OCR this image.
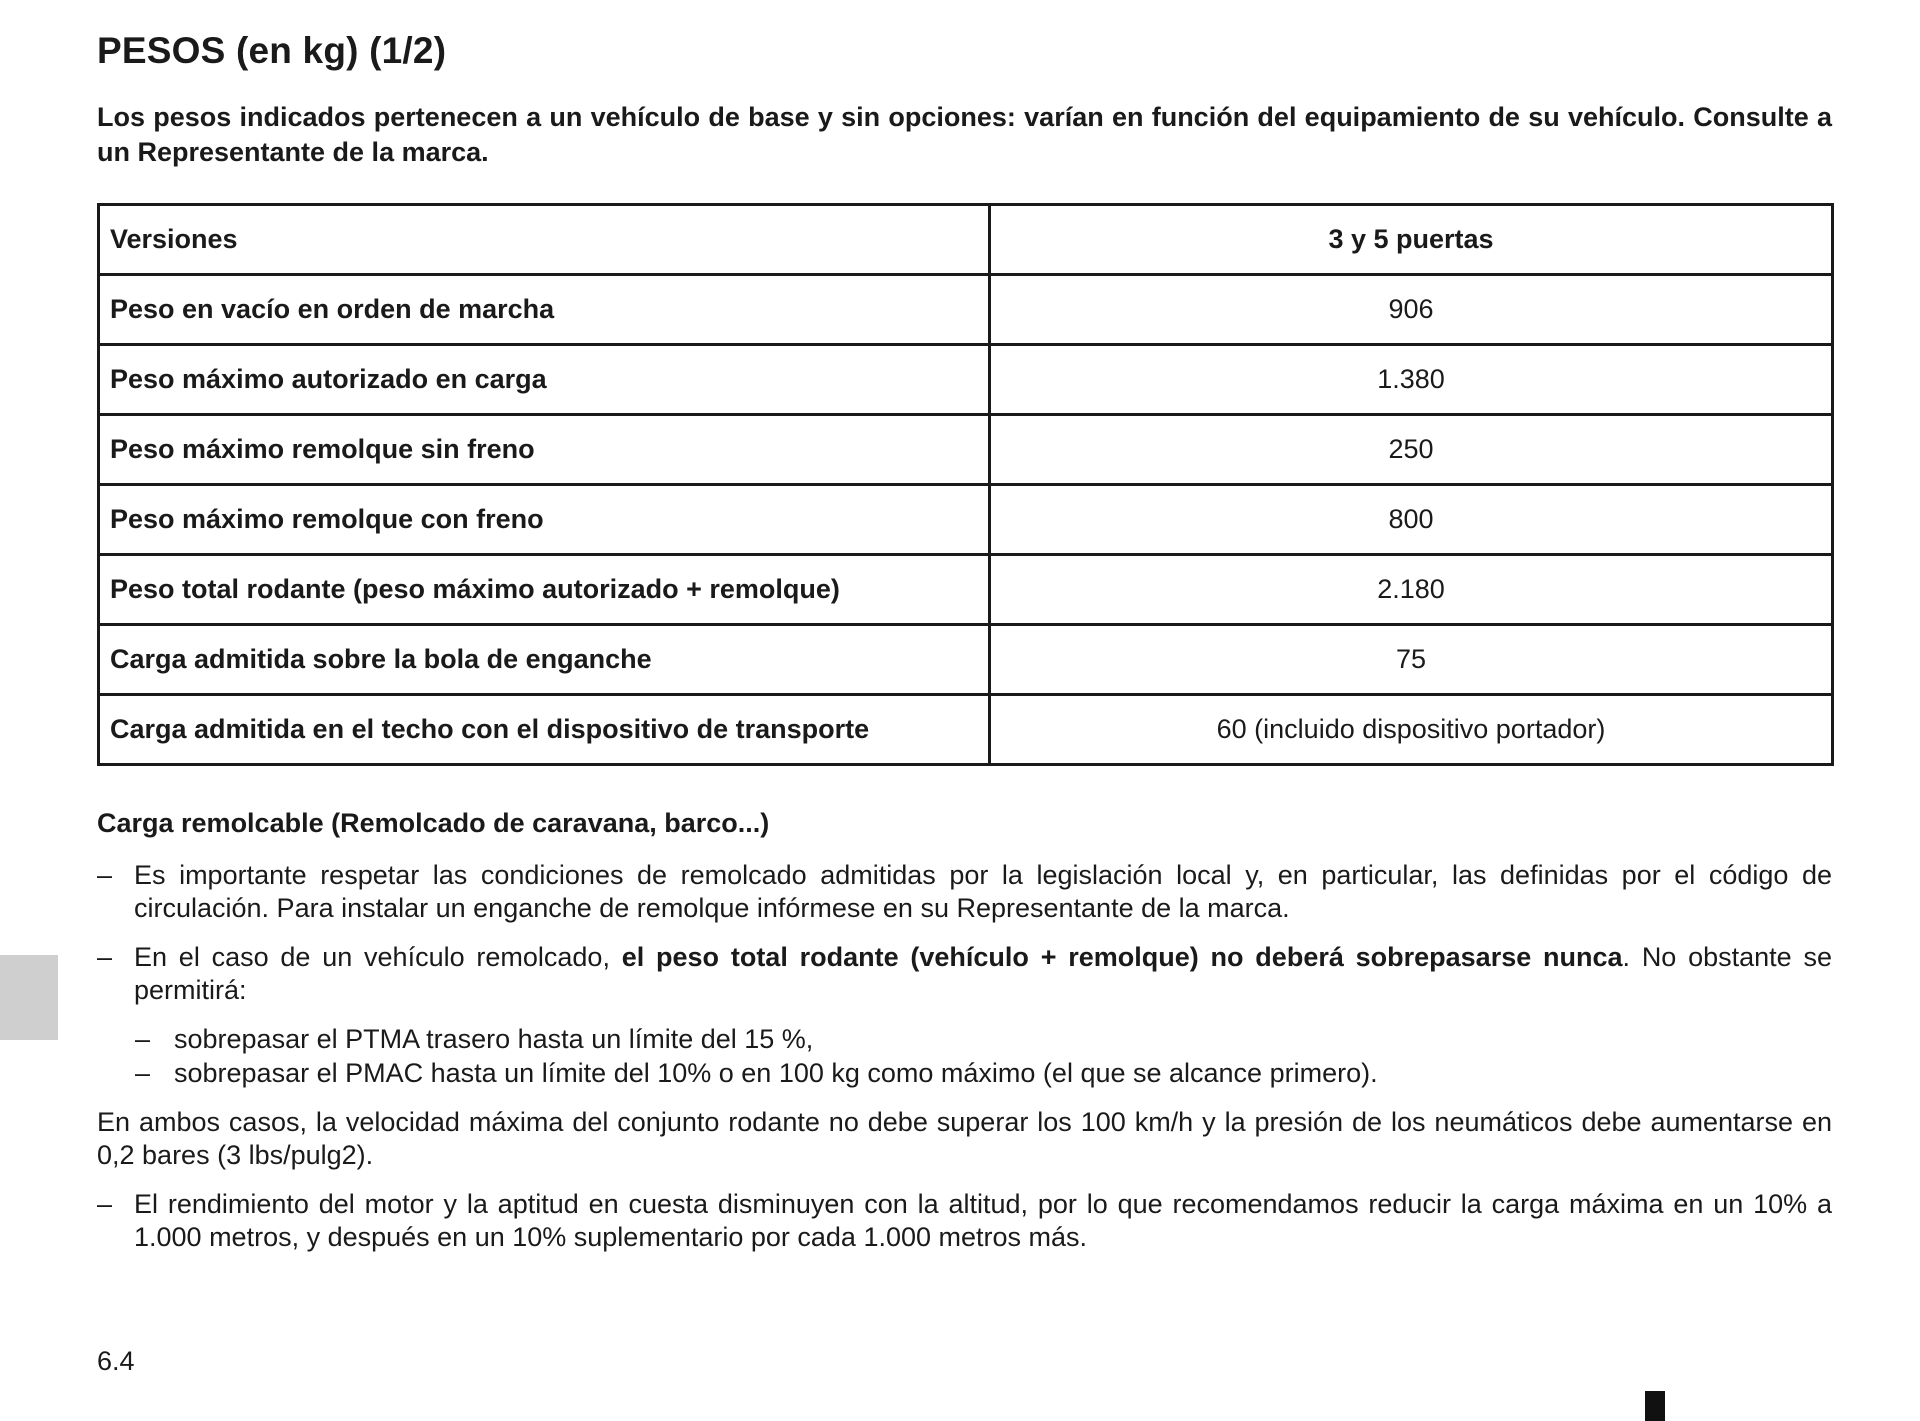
PESOS (en kg) (1/2)

Los pesos indicados pertenecen a un vehículo de base y sin opciones: varían en función del equipamiento de su vehículo. Consulte a un Representante de la marca.

Versiones	3 y 5 puertas
Peso en vacío en orden de marcha	906
Peso máximo autorizado en carga	1.380
Peso máximo remolque sin freno	250
Peso máximo remolque con freno	800
Peso total rodante (peso máximo autorizado + remolque)	2.180
Carga admitida sobre la bola de enganche	75
Carga admitida en el techo con el dispositivo de transporte	60 (incluido dispositivo portador)
Carga remolcable (Remolcado de caravana, barco...)
– Es importante respetar las condiciones de remolcado admitidas por la legislación local y, en particular, las definidas por el código de circulación. Para instalar un enganche de remolque infórmese en su Representante de la marca.
– En el caso de un vehículo remolcado, el peso total rodante (vehículo + remolque) no deberá sobrepasarse nunca. No obstante se permitirá:
– sobrepasar el PTMA trasero hasta un límite del 15 %,
– sobrepasar el PMAC hasta un límite del 10% o en 100 kg como máximo (el que se alcance primero).

En ambos casos, la velocidad máxima del conjunto rodante no debe superar los 100 km/h y la presión de los neumáticos debe aumentarse en 0,2 bares (3 lbs/pulg2).

– El rendimiento del motor y la aptitud en cuesta disminuyen con la altitud, por lo que recomendamos reducir la carga máxima en un 10% a 1.000 metros, y después en un 10% suplementario por cada 1.000 metros más.
6.4
